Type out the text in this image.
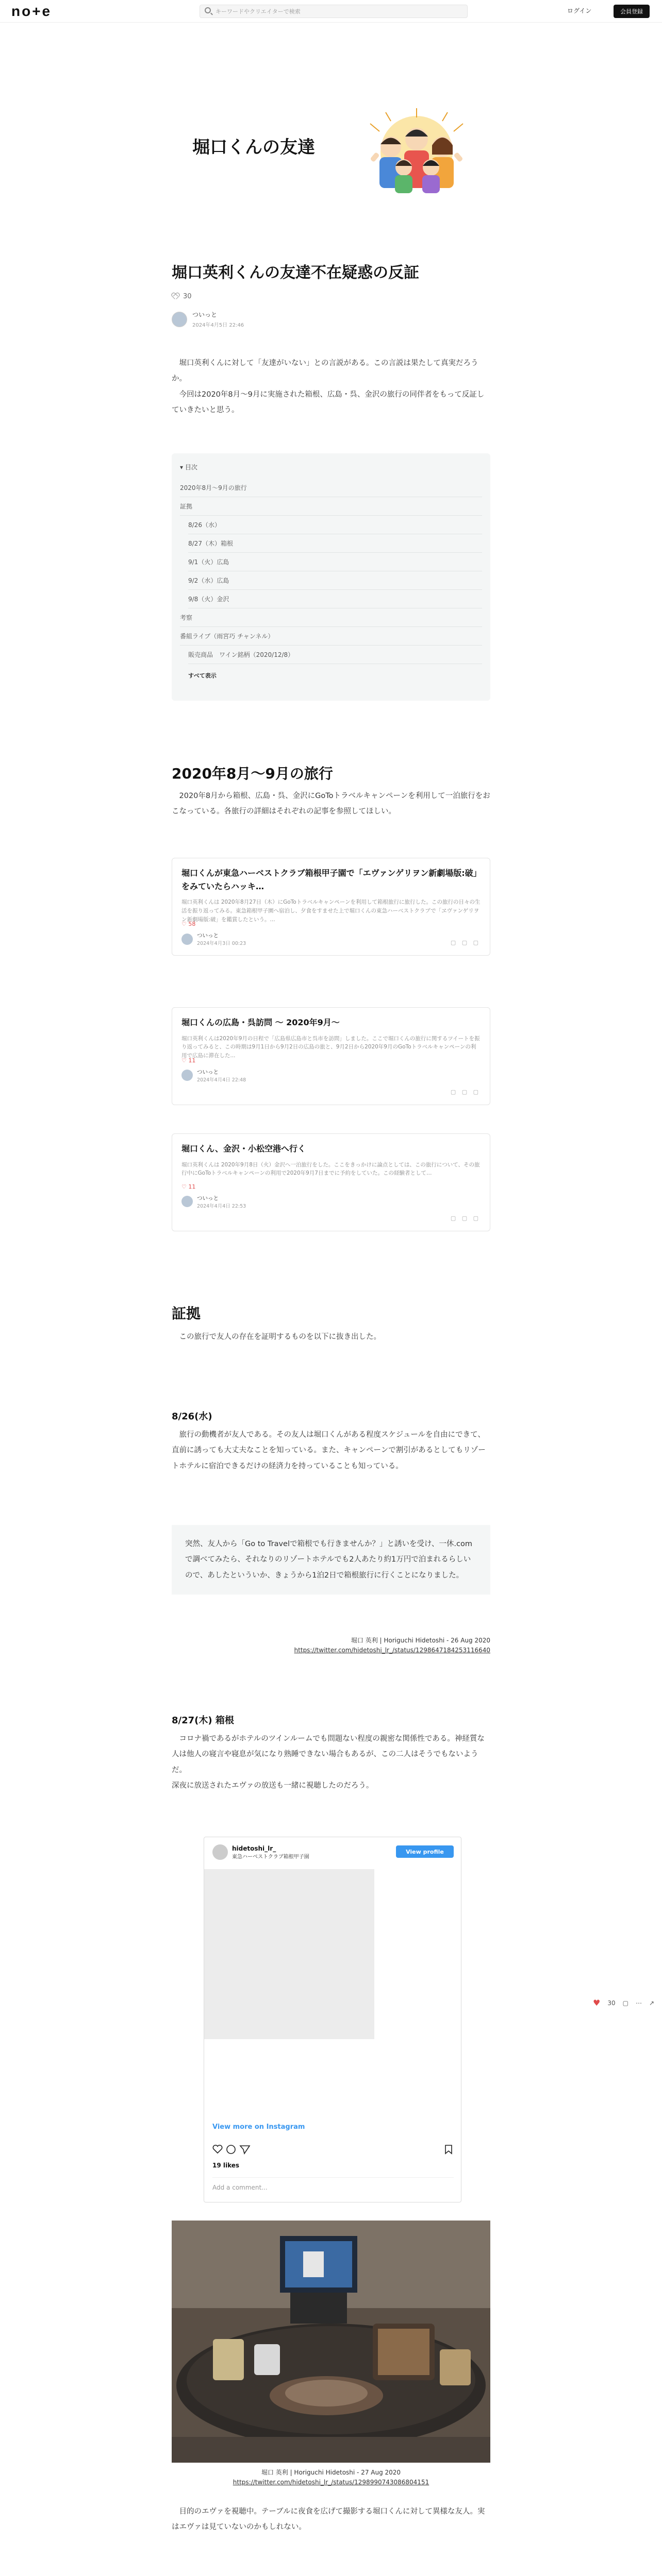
no+e	キーワードやクリエイターで検索	ログイン	会員登録
堀口くんの友達
堀口英利くんの友達不在疑惑の反証
30
ついっと
2024年4月5日 22:46

堀口英利くんに対して「友達がいない」との言説がある。この言説は果たして真実だろうか。

今回は2020年8月〜9月に実施された箱根、広島・呉、金沢の旅行の同伴者をもって反証していきたいと思う。

▾ 目次
2020年8月〜9月の旅行
証拠
8/26（水）
8/27（木）箱根
9/1（火）広島
9/2（水）広島
9/8（火）金沢
考察
番組ライブ（雨宮巧 チャンネル）
販売商品　ワイン銘柄（2020/12/8）
すべて表示
2020年8月〜9月の旅行

2020年8月から箱根、広島・呉、金沢にGoToトラベルキャンペーンを利用して一泊旅行をおこなっている。各旅行の詳細はそれぞれの記事を参照してほしい。

堀口くんが東急ハーベストクラブ箱根甲子園で「エヴァンゲリヲン新劇場版:破」をみていたらハッキ…
堀口英利くんは 2020年8月27日（木）にGoToトラベルキャンペーンを利用して箱根旅行に旅行した。この旅行の日々の生活を振り返ってみる。東急箱根甲子園へ宿泊し、夕食をすませた上で堀口くんの東急ハーベストクラブで「ヱヴァンゲリヲン新劇場版:破」を鑑賞したという。...
♡ 58
ついっと
2024年4月3日 00:23	▢ ▢ ▢
堀口くんの広島・呉訪問 〜 2020年9月〜
堀口英利くんは2020年9月の日程で「広島県広島市と呉市を訪問」しました。ここで堀口くんの旅行に関するツイートを振り返ってみると、この時期は9月1日から9月2日の広島の旅と、9月2日から2020年9月のGoToトラベルキャンペーンの利用で広島に滞在した...
♡ 11
ついっと
2024年4月4日 22:48
▢ ▢ ▢
堀口くん、金沢・小松空港へ行く
堀口英利くんは 2020年9月8日（火）金沢へ一泊旅行をした。ここをきっかけに論点としては、この旅行について、その旅行中にGoToトラベルキャンペーンの利用で2020年9月7日までに予約をしていた。この経験者として…
♡ 11
ついっと
2024年4月4日 22:53
▢ ▢ ▢
証拠

この旅行で友人の存在を証明するものを以下に抜き出した。

8/26(水)

旅行の動機者が友人である。その友人は堀口くんがある程度スケジュールを自由にできて、直前に誘っても大丈夫なことを知っている。また、キャンペーンで割引があるとしてもリゾートホテルに宿泊できるだけの経済力を持っていることも知っている。

突然、友人から「Go to Travelで箱根でも行きませんか？」と誘いを受け、一休.comで調べてみたら、それなりのリゾートホテルでも2人あたり約1万円で泊まれるらしいので、あしたといういか、きょうから1泊2日で箱根旅行に行くことになりました。

堀口 英利 | Horiguchi Hidetoshi - 26 Aug 2020
https://twitter.com/hidetoshi_lr_/status/1298647184253116640
8/27(木) 箱根

コロナ禍であるがホテルのツインルームでも問題ない程度の親密な関係性である。神経質な人は他人の寝言や寝息が気になり熟睡できない場合もあるが、この二人はそうでもないようだ。
深夜に放送されたエヴァの放送も一緒に視聴したのだろう。

hidetoshi_lr_
東急ハーベストクラブ箱根甲子園
View profile
View more on Instagram
19 likes
Add a comment...
堀口 英利 | Horiguchi Hidetoshi - 27 Aug 2020
https://twitter.com/hidetoshi_lr_/status/1298990743086804151

目的のエヴァを視聴中。テーブルに夜食を広げて撮影する堀口くんに対して異様な友人。実はエヴァは見ていないのかもしれない。

♥ 30 ▢ ⋯ ↗
